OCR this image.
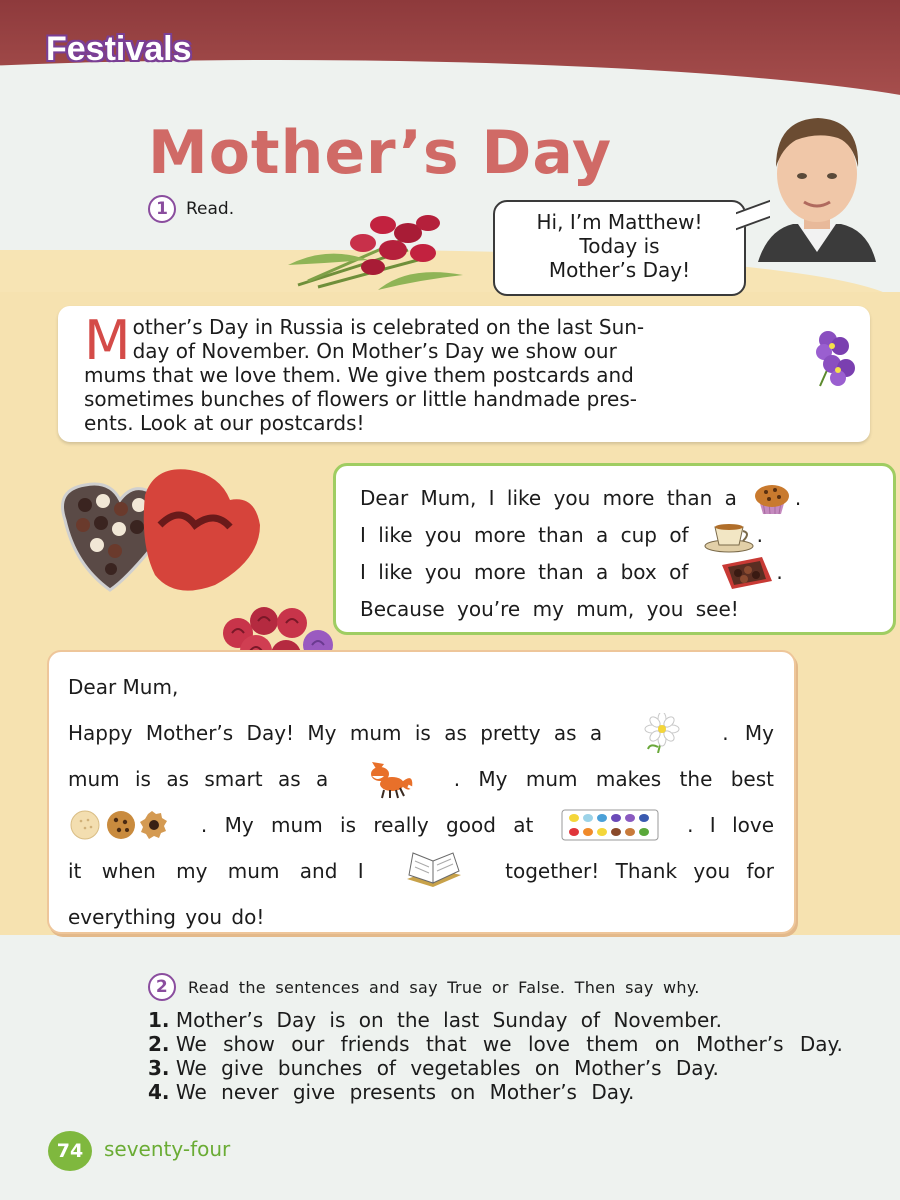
Festivals
Mother’s Day
1	Read.
Hi, I’m Matthew!
Today is
Mother’s Day!
M other’s Day in Russia is celebrated on the last Sun-
day of November. On Mother’s Day we show our
mums that we love them. We give them postcards and
sometimes bunches of flowers or little handmade pres-
ents. Look at our postcards!
Dear Mum, I like you more than a	.
I like you more than a cup of	.
I like you more than a box of	.
Because you’re my mum, you see!
Dear Mum,
Happy Mother’s Day! My mum is as pretty as a	. My
mum is as smart as a	. My mum makes the best
. My mum is really good at	. I love
it when my mum and I	together! Thank you for
everything you do!
2	Read the sentences and say True or False. Then say why.
1. Mother’s Day is on the last Sunday of November.
2. We show our friends that we love them on Mother’s Day.
3. We give bunches of vegetables on Mother’s Day.
4. We never give presents on Mother’s Day.
74	seventy-four
